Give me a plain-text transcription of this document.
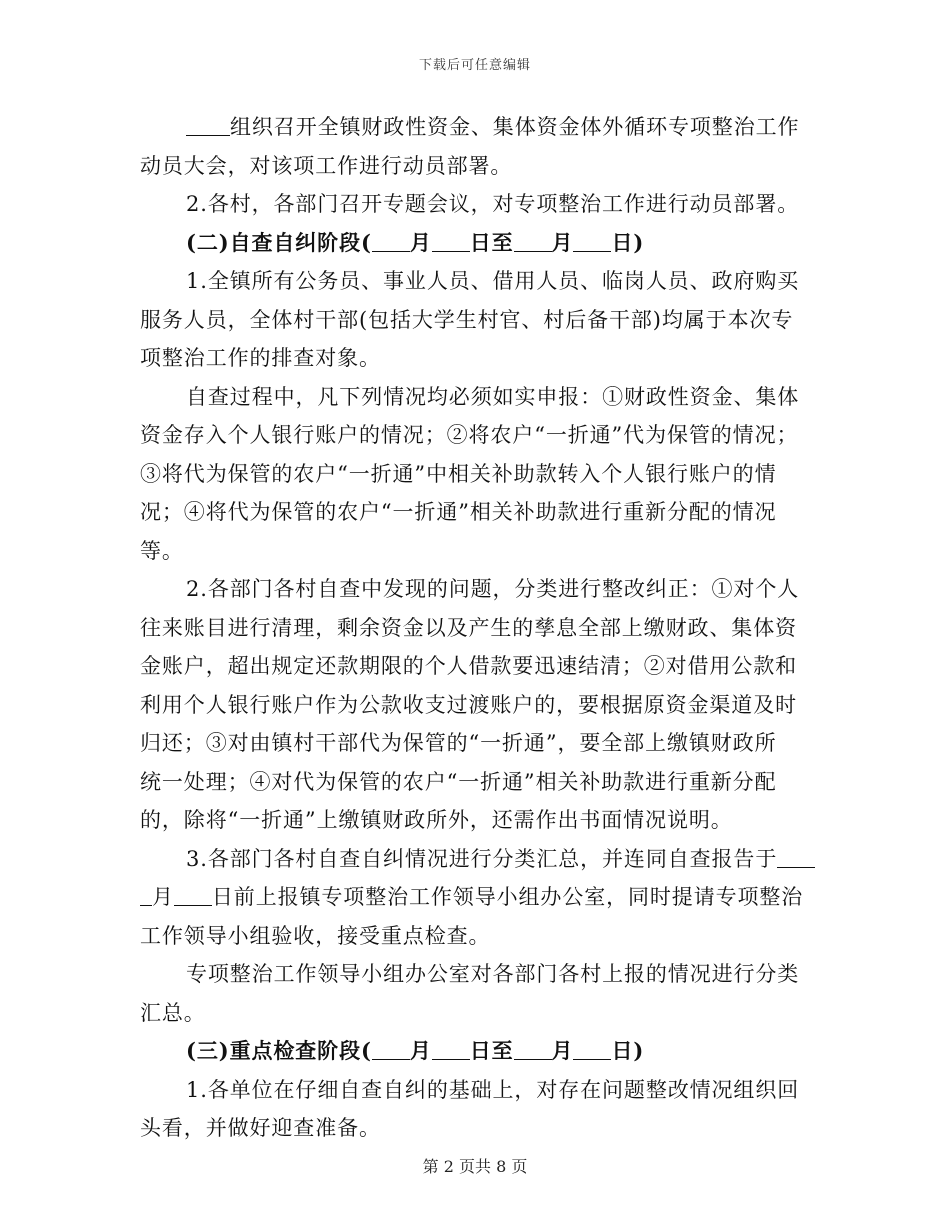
下载后可任意编辑
组织召开全镇财政性资金、集体资金体外循环专项整治工作
动员大会，对该项工作进行动员部署。
2.各村，各部门召开专题会议，对专项整治工作进行动员部署。
(二)自查自纠阶段( 月 日至 月 日)
1.全镇所有公务员、事业人员、借用人员、临岗人员、政府购买
服务人员，全体村干部(包括大学生村官、村后备干部)均属于本次专
项整治工作的排查对象。
自查过程中，凡下列情况均必须如实申报：①财政性资金、集体
资金存入个人银行账户的情况；②将农户“一折通”代为保管的情况；
③将代为保管的农户“一折通”中相关补助款转入个人银行账户的情
况；④将代为保管的农户“一折通”相关补助款进行重新分配的情况
等。
2.各部门各村自查中发现的问题，分类进行整改纠正：①对个人
往来账目进行清理，剩余资金以及产生的孳息全部上缴财政、集体资
金账户，超出规定还款期限的个人借款要迅速结清；②对借用公款和
利用个人银行账户作为公款收支过渡账户的，要根据原资金渠道及时
归还；③对由镇村干部代为保管的“一折通”，要全部上缴镇财政所
统一处理；④对代为保管的农户“一折通”相关补助款进行重新分配
的，除将“一折通”上缴镇财政所外，还需作出书面情况说明。
3.各部门各村自查自纠情况进行分类汇总，并连同自查报告于
月 日前上报镇专项整治工作领导小组办公室，同时提请专项整治
工作领导小组验收，接受重点检查。
专项整治工作领导小组办公室对各部门各村上报的情况进行分类
汇总。
(三)重点检查阶段( 月 日至 月 日)
1.各单位在仔细自查自纠的基础上，对存在问题整改情况组织回
头看，并做好迎查准备。
第 2 页共 8 页
